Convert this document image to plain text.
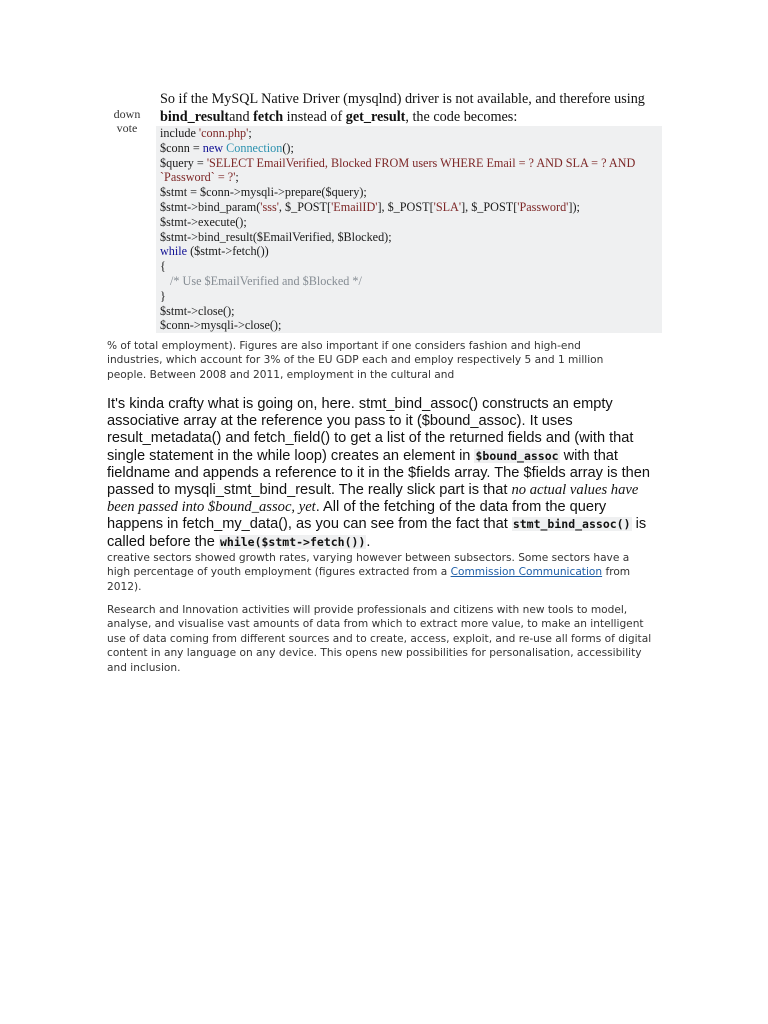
down
vote
So if the MySQL Native Driver (mysqlnd) driver is not available, and therefore using bind_resultand fetch instead of get_result, the code becomes:
include 'conn.php';
$conn = new Connection();
$query = 'SELECT EmailVerified, Blocked FROM users WHERE Email = ? AND SLA = ? AND
`Password` = ?';
$stmt = $conn->mysqli->prepare($query);
$stmt->bind_param('sss', $_POST['EmailID'], $_POST['SLA'], $_POST['Password']);
$stmt->execute();
$stmt->bind_result($EmailVerified, $Blocked);
while ($stmt->fetch())
{
/* Use $EmailVerified and $Blocked */
}
$stmt->close();
$conn->mysqli->close();
% of total employment). Figures are also important if one considers fashion and high-end
industries, which account for 3% of the EU GDP each and employ respectively 5 and 1 million
people. Between 2008 and 2011, employment in the cultural and
It's kinda crafty what is going on, here. stmt_bind_assoc() constructs an empty associative array at the reference you pass to it ($bound_assoc). It uses result_metadata() and fetch_field() to get a list of the returned fields and (with that single statement in the while loop) creates an element in $bound_assoc with that fieldname and appends a reference to it in the $fields array. The $fields array is then passed to mysqli_stmt_bind_result. The really slick part is that no actual values have been passed into $bound_assoc, yet. All of the fetching of the data from the query happens in fetch_my_data(), as you can see from the fact that stmt_bind_assoc() is called before the while($stmt->fetch()).
creative sectors showed growth rates, varying however between subsectors. Some sectors have a high percentage of youth employment (figures extracted from a Commission Communication from 2012).
Research and Innovation activities will provide professionals and citizens with new tools to model, analyse, and visualise vast amounts of data from which to extract more value, to make an intelligent use of data coming from different sources and to create, access, exploit, and re-use all forms of digital content in any language on any device. This opens new possibilities for personalisation, accessibility and inclusion.
